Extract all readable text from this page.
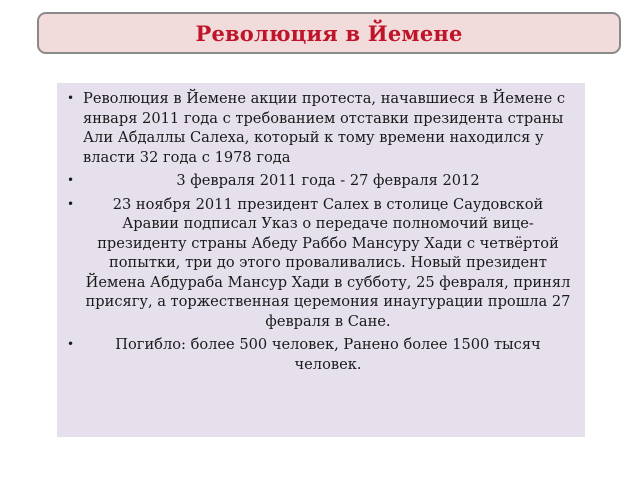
Революция в Йемене
• Революция в Йемене акции протеста, начавшиеся в Йемене с января 2011 года с требованием отставки президента страны Али Абдаллы Салеха, который к тому времени находился у власти 32 года с 1978 года
•	3 февраля 2011 года - 27 февраля 2012
•	23 ноября 2011 президент Салех в столице Саудовской Аравии подписал Указ о передаче полномочий вице- президенту страны Абеду Раббо Мансуру Хади с четвёртой попытки, три до этого проваливались. Новый президент Йемена Абдураба Мансур Хади в субботу, 25 февраля, принял присягу, а торжественная церемония инаугурации прошла 27 февраля в Сане.
•	Погибло: более 500 человек, Ранено более 1500 тысяч человек.
